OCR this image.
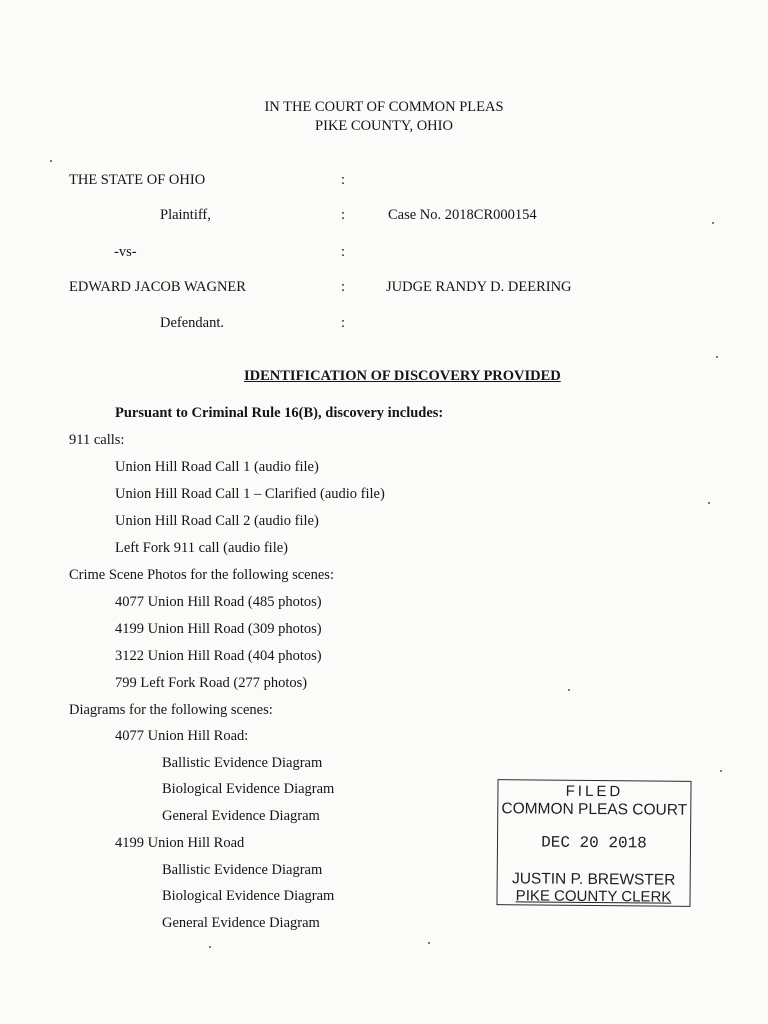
IN THE COURT OF COMMON PLEAS
PIKE COUNTY, OHIO
THE STATE OF OHIO	:
Plaintiff,	:	Case No. 2018CR000154
-vs-	:
EDWARD JACOB WAGNER	:	JUDGE RANDY D. DEERING
Defendant.	:
IDENTIFICATION OF DISCOVERY PROVIDED
Pursuant to Criminal Rule 16(B), discovery includes:
911 calls:
Union Hill Road Call 1 (audio file)
Union Hill Road Call 1 – Clarified (audio file)
Union Hill Road Call 2 (audio file)
Left Fork 911 call (audio file)
Crime Scene Photos for the following scenes:
4077 Union Hill Road (485 photos)
4199 Union Hill Road (309 photos)
3122 Union Hill Road (404 photos)
799 Left Fork Road (277 photos)
Diagrams for the following scenes:
4077 Union Hill Road:
Ballistic Evidence Diagram
Biological Evidence Diagram
General Evidence Diagram
4199 Union Hill Road
Ballistic Evidence Diagram
Biological Evidence Diagram
General Evidence Diagram
FILED
COMMON PLEAS COURT
DEC 20 2018
JUSTIN P. BREWSTER
PIKE COUNTY CLERK
